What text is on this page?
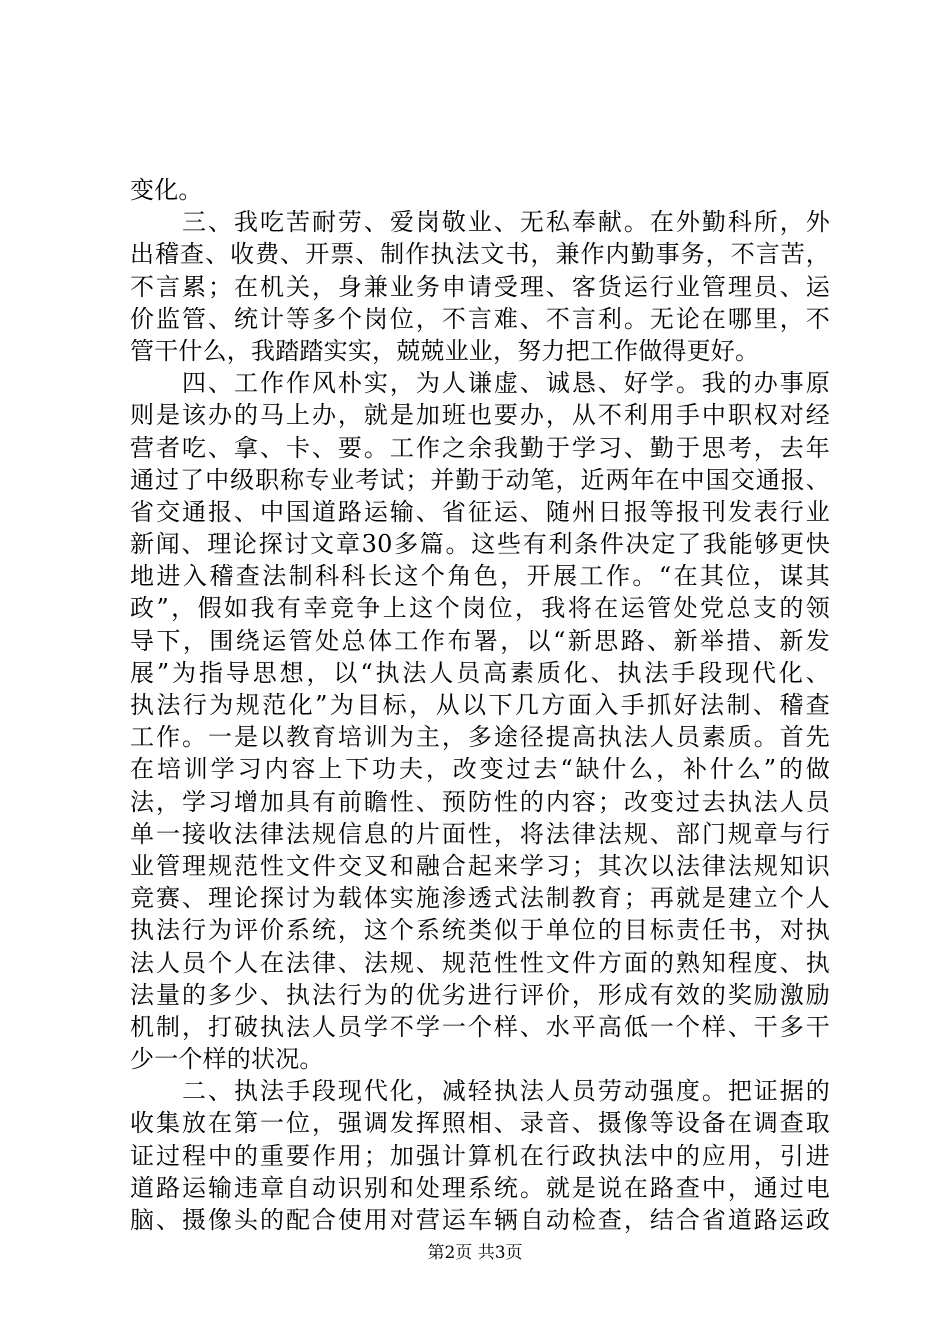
变化。
　　三、我吃苦耐劳、爱岗敬业、无私奉献。在外勤科所，外
出稽查、收费、开票、制作执法文书，兼作内勤事务，不言苦，
不言累；在机关，身兼业务申请受理、客货运行业管理员、运
价监管、统计等多个岗位，不言难、不言利。无论在哪里，不
管干什么，我踏踏实实，兢兢业业，努力把工作做得更好。
　　四、工作作风朴实，为人谦虚、诚恳、好学。我的办事原
则是该办的马上办，就是加班也要办，从不利用手中职权对经
营者吃、拿、卡、要。工作之余我勤于学习、勤于思考，去年
通过了中级职称专业考试；并勤于动笔，近两年在中国交通报、
省交通报、中国道路运输、省征运、随州日报等报刊发表行业
新闻、理论探讨文章30多篇。这些有利条件决定了我能够更快
地进入稽查法制科科长这个角色，开展工作。“在其位，谋其
政”，假如我有幸竞争上这个岗位，我将在运管处党总支的领
导下，围绕运管处总体工作布署，以“新思路、新举措、新发
展”为指导思想，以“执法人员高素质化、执法手段现代化、
执法行为规范化”为目标，从以下几方面入手抓好法制、稽查
工作。一是以教育培训为主，多途径提高执法人员素质。首先
在培训学习内容上下功夫，改变过去“缺什么，补什么”的做
法，学习增加具有前瞻性、预防性的内容；改变过去执法人员
单一接收法律法规信息的片面性，将法律法规、部门规章与行
业管理规范性文件交叉和融合起来学习；其次以法律法规知识
竞赛、理论探讨为载体实施渗透式法制教育；再就是建立个人
执法行为评价系统，这个系统类似于单位的目标责任书，对执
法人员个人在法律、法规、规范性性文件方面的熟知程度、执
法量的多少、执法行为的优劣进行评价，形成有效的奖励激励
机制，打破执法人员学不学一个样、水平高低一个样、干多干
少一个样的状况。
　　二、执法手段现代化，减轻执法人员劳动强度。把证据的
收集放在第一位，强调发挥照相、录音、摄像等设备在调查取
证过程中的重要作用；加强计算机在行政执法中的应用，引进
道路运输违章自动识别和处理系统。就是说在路查中，通过电
脑、摄像头的配合使用对营运车辆自动检查，结合省道路运政
第2页 共3页
